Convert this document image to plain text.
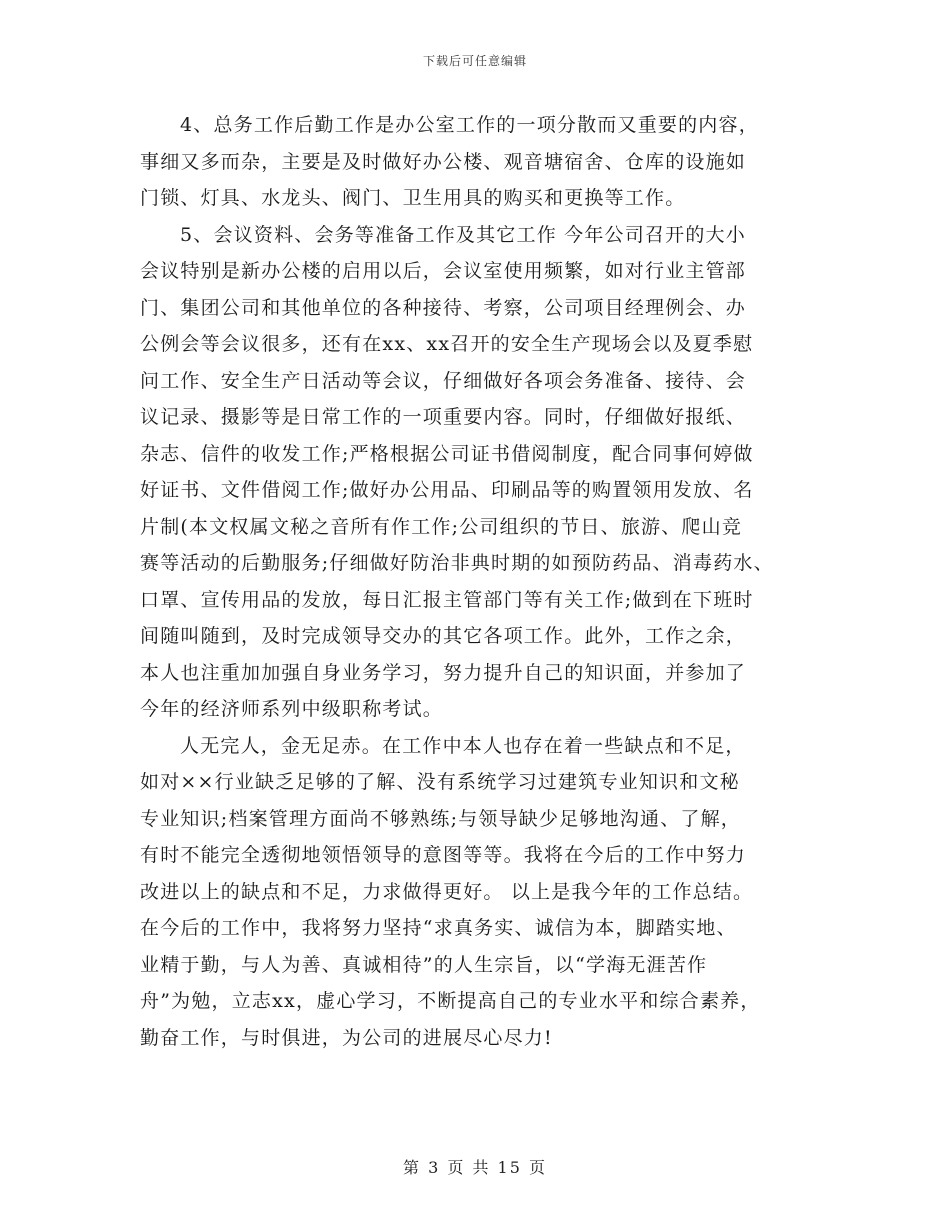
下载后可任意编辑
4、总务工作后勤工作是办公室工作的一项分散而又重要的内容，
事细又多而杂，主要是及时做好办公楼、观音塘宿舍、仓库的设施如
门锁、灯具、水龙头、阀门、卫生用具的购买和更换等工作。
5、会议资料、会务等准备工作及其它工作 今年公司召开的大小
会议特别是新办公楼的启用以后，会议室使用频繁，如对行业主管部
门、集团公司和其他单位的各种接待、考察，公司项目经理例会、办
公例会等会议很多，还有在xx、xx召开的安全生产现场会以及夏季慰
问工作、安全生产日活动等会议，仔细做好各项会务准备、接待、会
议记录、摄影等是日常工作的一项重要内容。同时，仔细做好报纸、
杂志、信件的收发工作;严格根据公司证书借阅制度，配合同事何婷做
好证书、文件借阅工作;做好办公用品、印刷品等的购置领用发放、名
片制(本文权属文秘之音所有作工作;公司组织的节日、旅游、爬山竞
赛等活动的后勤服务;仔细做好防治非典时期的如预防药品、消毒药水、
口罩、宣传用品的发放，每日汇报主管部门等有关工作;做到在下班时
间随叫随到，及时完成领导交办的其它各项工作。此外，工作之余，
本人也注重加加强自身业务学习，努力提升自己的知识面，并参加了
今年的经济师系列中级职称考试。
人无完人，金无足赤。在工作中本人也存在着一些缺点和不足，
如对××行业缺乏足够的了解、没有系统学习过建筑专业知识和文秘
专业知识;档案管理方面尚不够熟练;与领导缺少足够地沟通、了解，
有时不能完全透彻地领悟领导的意图等等。我将在今后的工作中努力
改进以上的缺点和不足，力求做得更好。 以上是我今年的工作总结。
在今后的工作中，我将努力坚持“求真务实、诚信为本，脚踏实地、
业精于勤，与人为善、真诚相待”的人生宗旨，以“学海无涯苦作
舟”为勉，立志xx，虚心学习，不断提高自己的专业水平和综合素养，
勤奋工作，与时俱进，为公司的进展尽心尽力!
第 3 页 共 15 页
